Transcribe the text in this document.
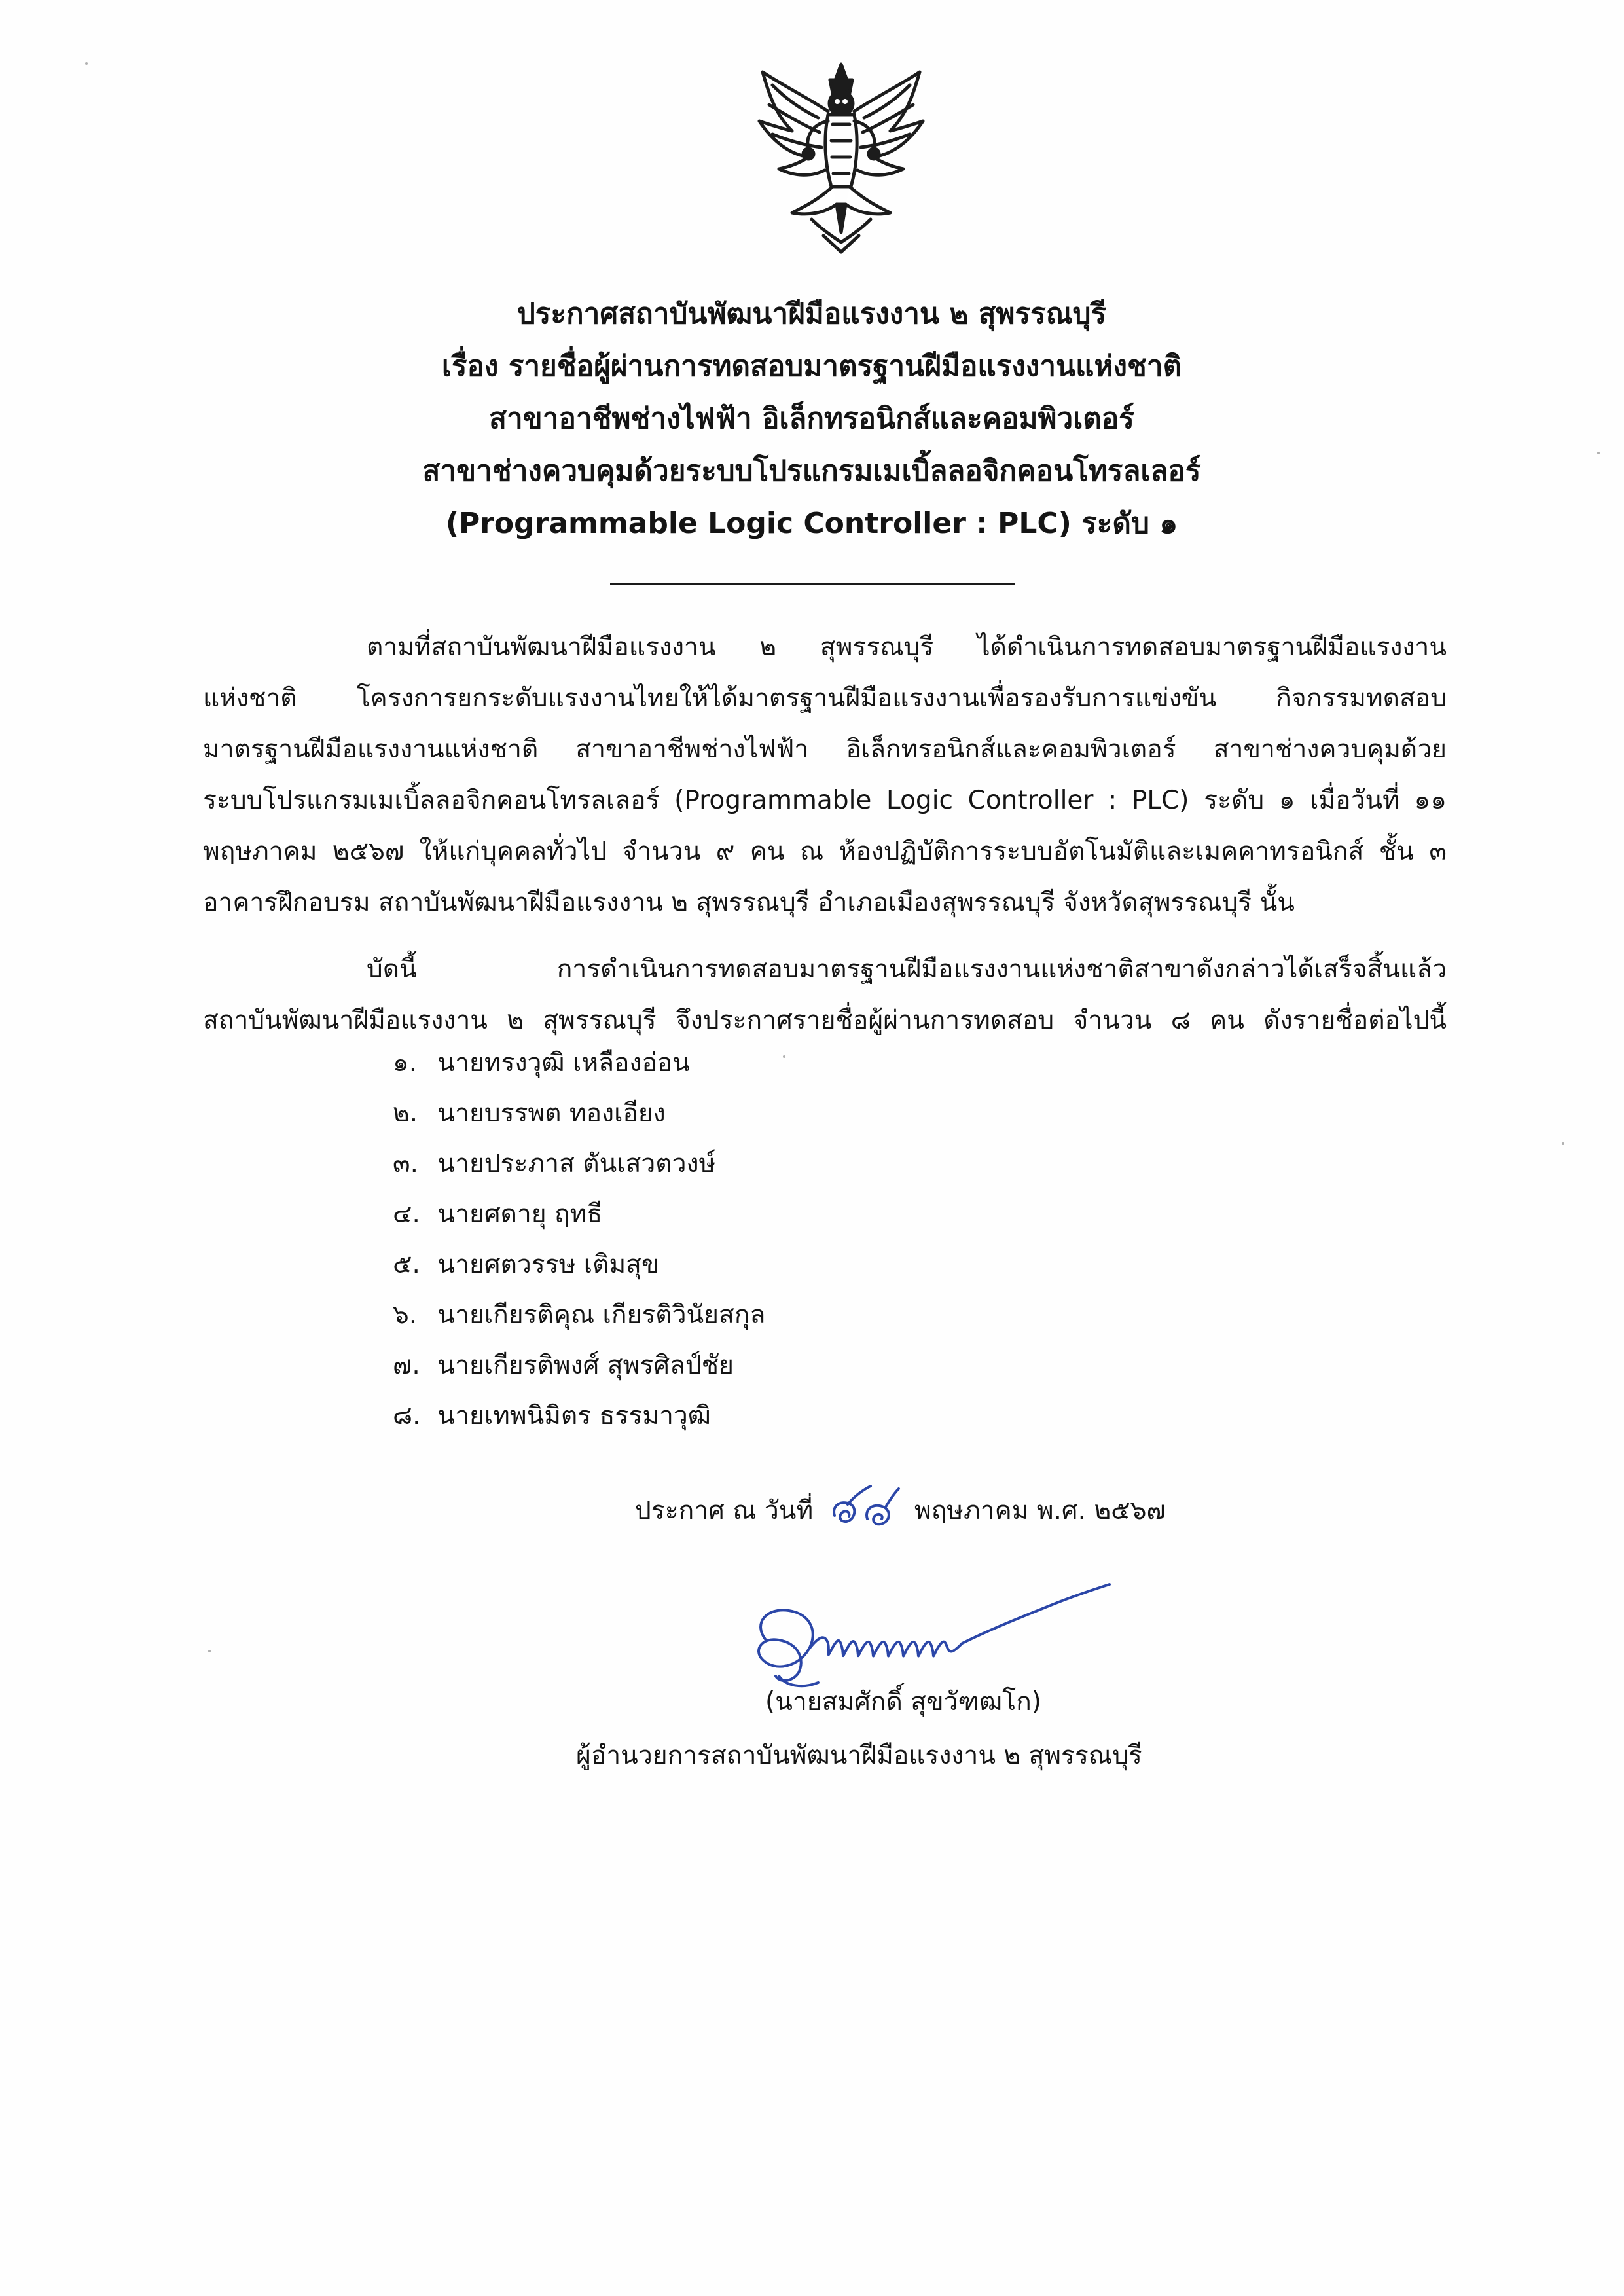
ประกาศสถาบันพัฒนาฝีมือแรงงาน ๒ สุพรรณบุรี
เรื่อง รายชื่อผู้ผ่านการทดสอบมาตรฐานฝีมือแรงงานแห่งชาติ
สาขาอาชีพช่างไฟฟ้า อิเล็กทรอนิกส์และคอมพิวเตอร์
สาขาช่างควบคุมด้วยระบบโปรแกรมเมเบิ้ลลอจิกคอนโทรลเลอร์
(Programmable Logic Controller : PLC) ระดับ ๑
ตามที่สถาบันพัฒนาฝีมือแรงงาน ๒ สุพรรณบุรี ได้ดำเนินการทดสอบมาตรฐานฝีมือแรงงาน
แห่งชาติ โครงการยกระดับแรงงานไทยให้ได้มาตรฐานฝีมือแรงงานเพื่อรองรับการแข่งขัน กิจกรรมทดสอบ
มาตรฐานฝีมือแรงงานแห่งชาติ สาขาอาชีพช่างไฟฟ้า อิเล็กทรอนิกส์และคอมพิวเตอร์ สาขาช่างควบคุมด้วย
ระบบโปรแกรมเมเบิ้ลลอจิกคอนโทรลเลอร์ (Programmable Logic Controller : PLC) ระดับ ๑ เมื่อวันที่ ๑๑
พฤษภาคม ๒๕๖๗ ให้แก่บุคคลทั่วไป จำนวน ๙ คน ณ ห้องปฏิบัติการระบบอัตโนมัติและเมคคาทรอนิกส์ ชั้น ๓
อาคารฝึกอบรม สถาบันพัฒนาฝีมือแรงงาน ๒ สุพรรณบุรี อำเภอเมืองสุพรรณบุรี จังหวัดสุพรรณบุรี นั้น
บัดนี้ การดำเนินการทดสอบมาตรฐานฝีมือแรงงานแห่งชาติสาขาดังกล่าวได้เสร็จสิ้นแล้ว
สถาบันพัฒนาฝีมือแรงงาน ๒ สุพรรณบุรี จึงประกาศรายชื่อผู้ผ่านการทดสอบ จำนวน ๘ คน ดังรายชื่อต่อไปนี้
๑. นายทรงวุฒิ เหลืองอ่อน
๒. นายบรรพต ทองเอียง
๓. นายประภาส ตันเสวตวงษ์
๔. นายศดายุ ฤทธี
๕. นายศตวรรษ เติมสุข
๖. นายเกียรติคุณ เกียรติวินัยสกุล
๗. นายเกียรติพงศ์ สุพรศิลป์ชัย
๘. นายเทพนิมิตร ธรรมาวุฒิ
ประกาศ ณ วันที่	พฤษภาคม พ.ศ. ๒๕๖๗
(นายสมศักดิ์ สุขวัฑฒโก)
ผู้อำนวยการสถาบันพัฒนาฝีมือแรงงาน ๒ สุพรรณบุรี
